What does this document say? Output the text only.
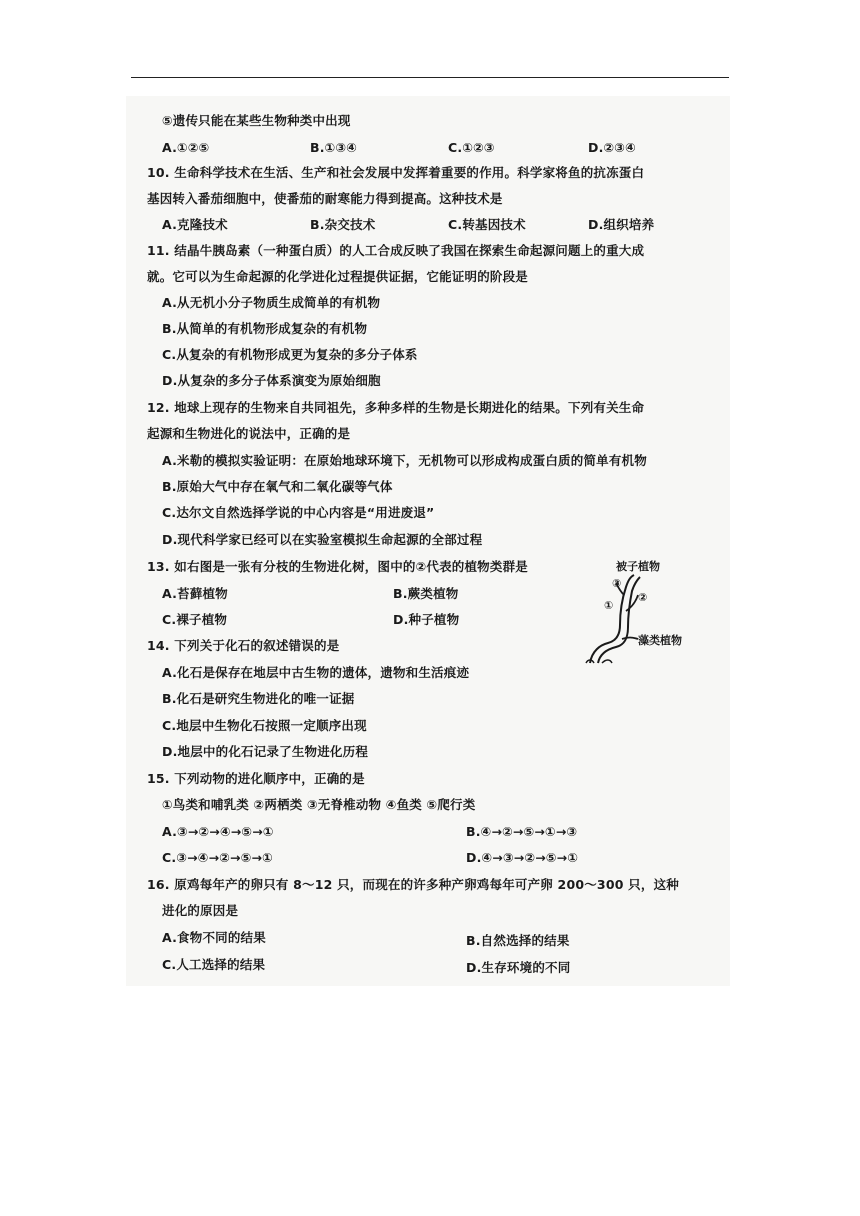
⑤遗传只能在某些生物种类中出现
A.①②⑤	B.①③④	C.①②③	D.②③④
10. 生命科学技术在生活、生产和社会发展中发挥着重要的作用。科学家将鱼的抗冻蛋白
基因转入番茄细胞中，使番茄的耐寒能力得到提高。这种技术是
A.克隆技术	B.杂交技术	C.转基因技术	D.组织培养
11. 结晶牛胰岛素（一种蛋白质）的人工合成反映了我国在探索生命起源问题上的重大成
就。它可以为生命起源的化学进化过程提供证据，它能证明的阶段是
A.从无机小分子物质生成简单的有机物
B.从简单的有机物形成复杂的有机物
C.从复杂的有机物形成更为复杂的多分子体系
D.从复杂的多分子体系演变为原始细胞
12. 地球上现存的生物来自共同祖先，多种多样的生物是长期进化的结果。下列有关生命
起源和生物进化的说法中，正确的是
A.米勒的模拟实验证明：在原始地球环境下，无机物可以形成构成蛋白质的简单有机物
B.原始大气中存在氧气和二氧化碳等气体
C.达尔文自然选择学说的中心内容是“用进废退”
D.现代科学家已经可以在实验室模拟生命起源的全部过程
13. 如右图是一张有分枝的生物进化树，图中的②代表的植物类群是
A.苔藓植物	B.蕨类植物
C.裸子植物	D.种子植物
被子植物
藻类植物
①
②
③
14. 下列关于化石的叙述错误的是
A.化石是保存在地层中古生物的遗体，遗物和生活痕迹
B.化石是研究生物进化的唯一证据
C.地层中生物化石按照一定顺序出现
D.地层中的化石记录了生物进化历程
15. 下列动物的进化顺序中，正确的是
①鸟类和哺乳类 ②两栖类 ③无脊椎动物 ④鱼类 ⑤爬行类
A.③→②→④→⑤→①	B.④→②→⑤→①→③
C.③→④→②→⑤→①	D.④→③→②→⑤→①
16. 原鸡每年产的卵只有 8～12 只，而现在的许多种产卵鸡每年可产卵 200～300 只，这种
进化的原因是
A.食物不同的结果	B.自然选择的结果
C.人工选择的结果	D.生存环境的不同
